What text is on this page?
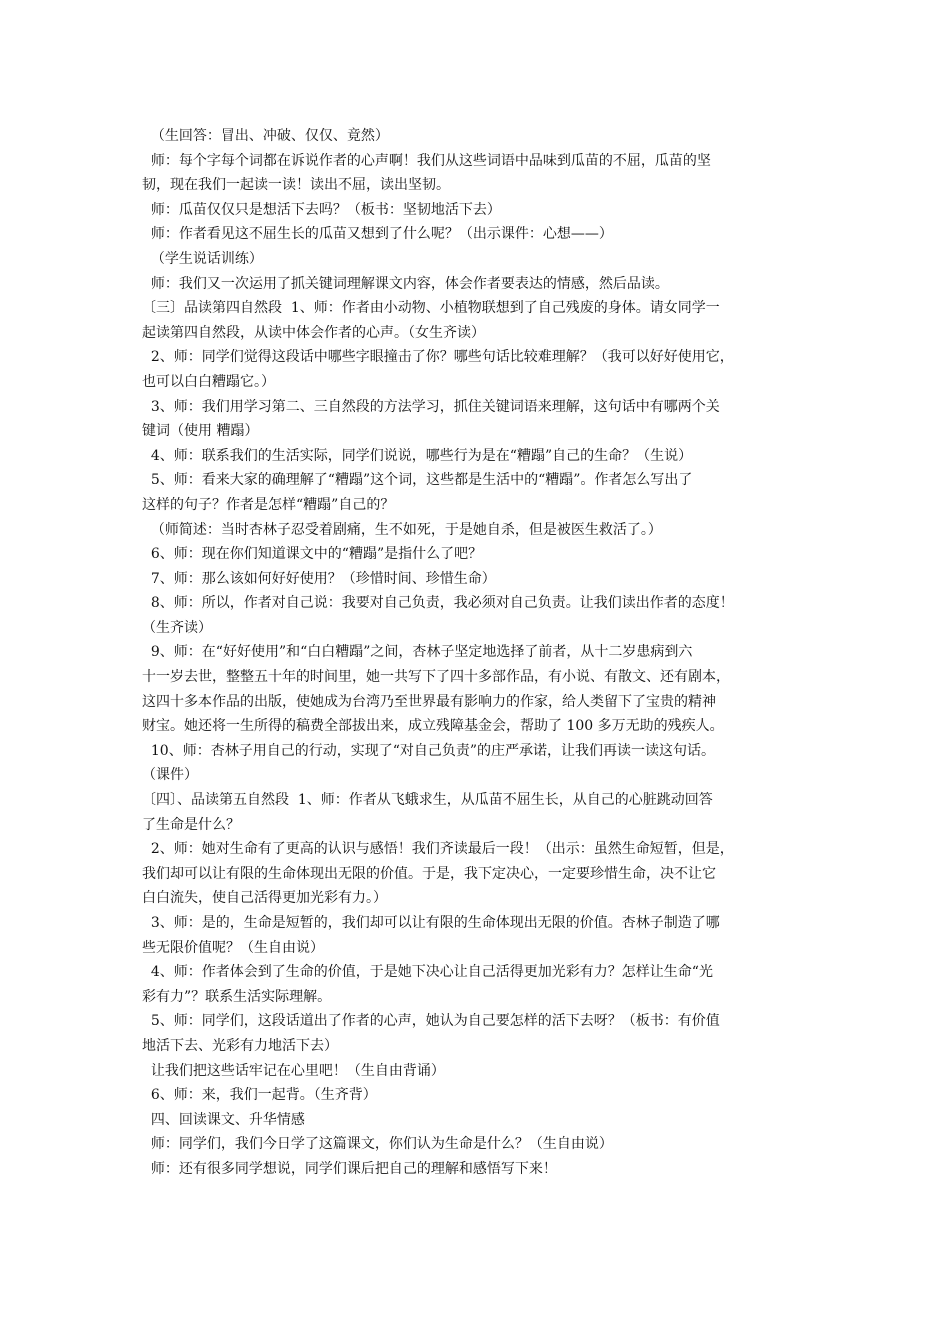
（生回答：冒出、冲破、仅仅、竟然）
师：每个字每个词都在诉说作者的心声啊！我们从这些词语中品味到瓜苗的不屈，瓜苗的坚
韧，现在我们一起读一读！读出不屈，读出坚韧。
师：瓜苗仅仅只是想活下去吗？（板书：坚韧地活下去）
师：作者看见这不屈生长的瓜苗又想到了什么呢？（出示课件：心想——）
（学生说话训练）
师：我们又一次运用了抓关键词理解课文内容，体会作者要表达的情感，然后品读。
〔三〕品读第四自然段  1、师：作者由小动物、小植物联想到了自己残废的身体。请女同学一
起读第四自然段，从读中体会作者的心声。（女生齐读）
2、师：同学们觉得这段话中哪些字眼撞击了你？哪些句话比较难理解？（我可以好好使用它，
也可以白白糟蹋它。）
3、师：我们用学习第二、三自然段的方法学习，抓住关键词语来理解，这句话中有哪两个关
键词（使用 糟蹋）
4、师：联系我们的生活实际，同学们说说，哪些行为是在“糟蹋”自己的生命？（生说）
5、师：看来大家的确理解了“糟蹋”这个词，这些都是生活中的“糟蹋”。作者怎么写出了
这样的句子？作者是怎样“糟蹋”自己的？
（师简述：当时杏林子忍受着剧痛，生不如死，于是她自杀，但是被医生救活了。）
6、师：现在你们知道课文中的“糟蹋”是指什么了吧？
7、师：那么该如何好好使用？（珍惜时间、珍惜生命）
8、师：所以，作者对自己说：我要对自己负责，我必须对自己负责。让我们读出作者的态度！
（生齐读）
9、师：在“好好使用”和“白白糟蹋”之间，杏林子坚定地选择了前者，从十二岁患病到六
十一岁去世，整整五十年的时间里，她一共写下了四十多部作品，有小说、有散文、还有剧本，
这四十多本作品的出版，使她成为台湾乃至世界最有影响力的作家，给人类留下了宝贵的精神
财宝。她还将一生所得的稿费全部拔出来，成立残障基金会，帮助了 100 多万无助的残疾人。
10、师：杏林子用自己的行动，实现了“对自己负责”的庄严承诺，让我们再读一读这句话。
（课件）
〔四〕、品读第五自然段  1、师：作者从飞蛾求生，从瓜苗不屈生长，从自己的心脏跳动回答
了生命是什么？
2、师：她对生命有了更高的认识与感悟！我们齐读最后一段！（出示：虽然生命短暂，但是，
我们却可以让有限的生命体现出无限的价值。于是，我下定决心，一定要珍惜生命，决不让它
白白流失，使自己活得更加光彩有力。）
3、师：是的，生命是短暂的，我们却可以让有限的生命体现出无限的价值。杏林子制造了哪
些无限价值呢？（生自由说）
4、师：作者体会到了生命的价值，于是她下决心让自己活得更加光彩有力？怎样让生命“光
彩有力”？联系生活实际理解。
5、师：同学们，这段话道出了作者的心声，她认为自己要怎样的活下去呀？（板书：有价值
地活下去、光彩有力地活下去）
让我们把这些话牢记在心里吧！（生自由背诵）
6、师：来，我们一起背。（生齐背）
四、回读课文、升华情感
师：同学们，我们今日学了这篇课文，你们认为生命是什么？（生自由说）
师：还有很多同学想说，同学们课后把自己的理解和感悟写下来！
